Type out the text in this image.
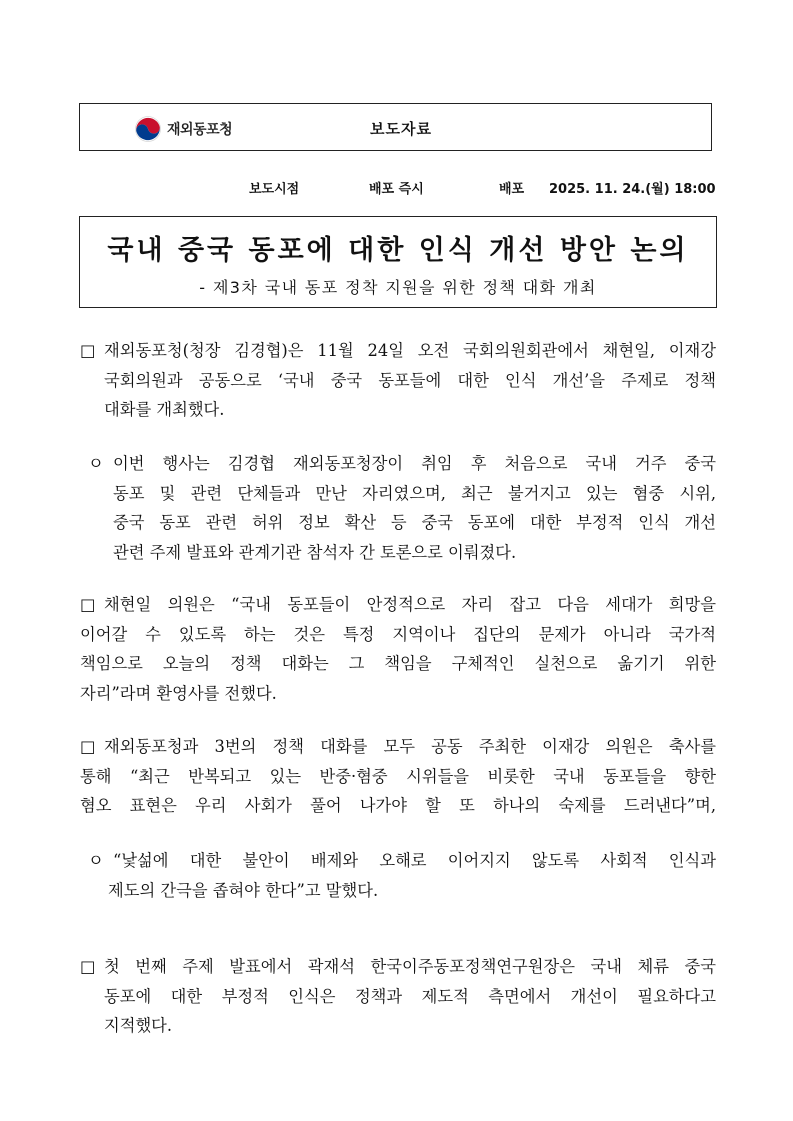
재외동포청	보도자료
보도시점	배포 즉시	배포 2025. 11. 24.(월) 18:00
국내 중국 동포에 대한 인식 개선 방안 논의
- 제3차 국내 동포 정착 지원을 위한 정책 대화 개최
□ 재외동포청(청장 김경협)은 11월 24일 오전 국회의원회관에서 채현일, 이재강
국회의원과 공동으로 ‘국내 중국 동포들에 대한 인식 개선’을 주제로 정책
대화를 개최했다.
ㅇ 이번 행사는 김경협 재외동포청장이 취임 후 처음으로 국내 거주 중국
동포 및 관련 단체들과 만난 자리였으며, 최근 불거지고 있는 혐중 시위,
중국 동포 관련 허위 정보 확산 등 중국 동포에 대한 부정적 인식 개선
관련 주제 발표와 관계기관 참석자 간 토론으로 이뤄졌다.
□ 채현일 의원은 “국내 동포들이 안정적으로 자리 잡고 다음 세대가 희망을
이어갈 수 있도록 하는 것은 특정 지역이나 집단의 문제가 아니라 국가적
책임으로 오늘의 정책 대화는 그 책임을 구체적인 실천으로 옮기기 위한
자리”라며 환영사를 전했다.
□ 재외동포청과 3번의 정책 대화를 모두 공동 주최한 이재강 의원은 축사를
통해 “최근 반복되고 있는 반중·혐중 시위들을 비롯한 국내 동포들을 향한
혐오 표현은 우리 사회가 풀어 나가야 할 또 하나의 숙제를 드러낸다”며,
ㅇ “낯섦에 대한 불안이 배제와 오해로 이어지지 않도록 사회적 인식과
제도의 간극을 좁혀야 한다”고 말했다.
□ 첫 번째 주제 발표에서 곽재석 한국이주동포정책연구원장은 국내 체류 중국
동포에 대한 부정적 인식은 정책과 제도적 측면에서 개선이 필요하다고
지적했다.
